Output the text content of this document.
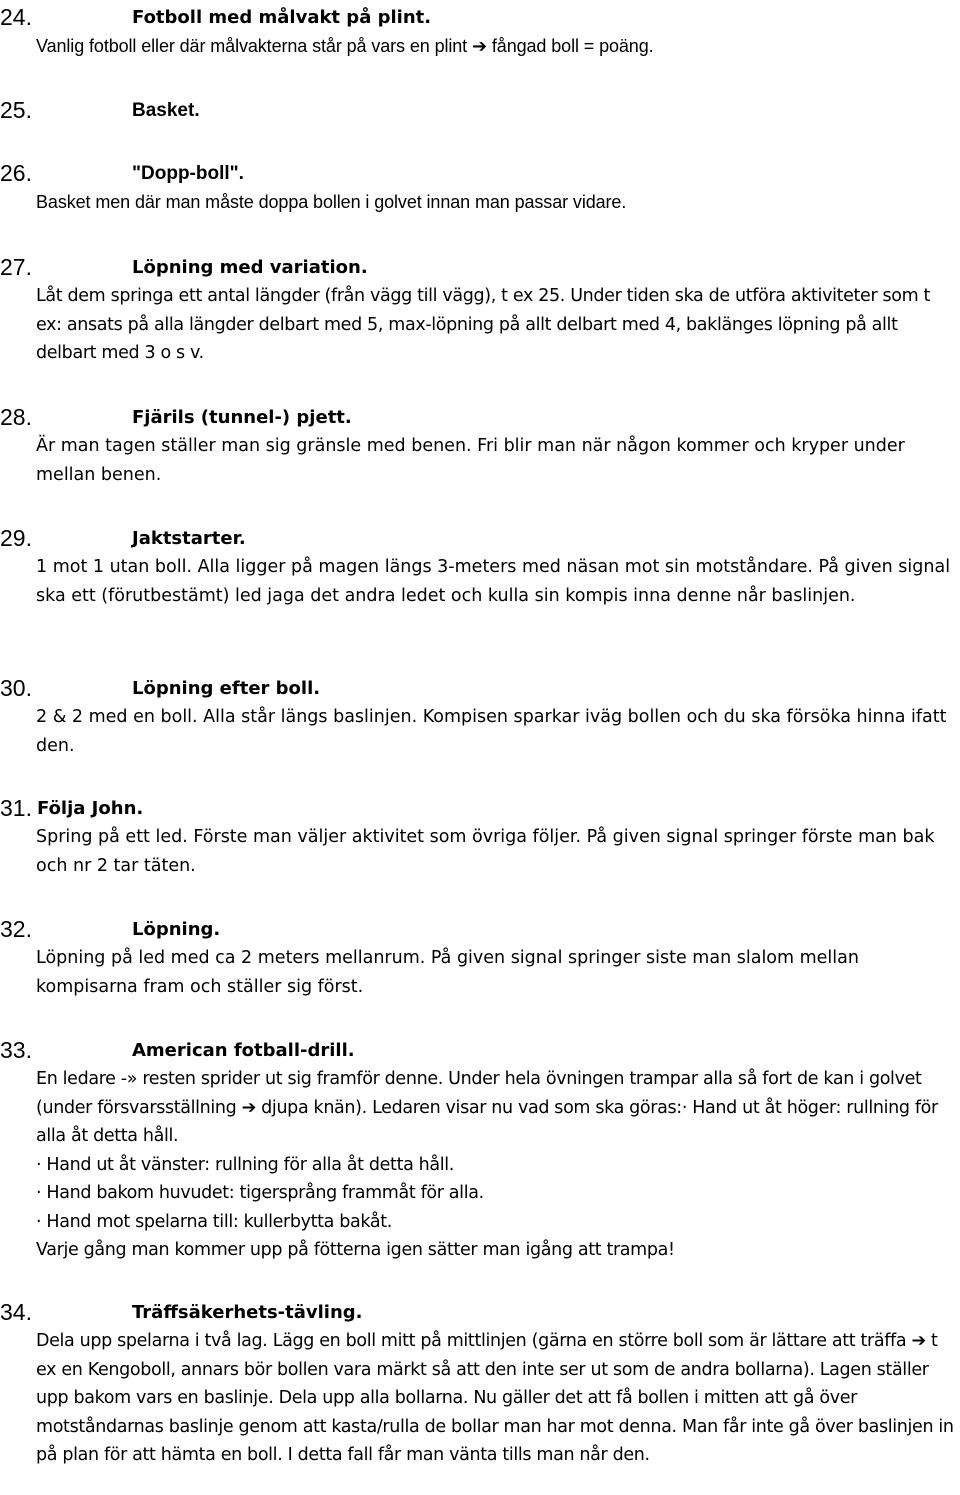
24.	Fotboll med målvakt på plint.

Vanlig fotboll eller där målvakterna står på vars en plint ➔ fångad boll = poäng.

25.	Basket.
26.	"Dopp-boll".

Basket men där man måste doppa bollen i golvet innan man passar vidare.

27.	Löpning med variation.

Låt dem springa ett antal längder (från vägg till vägg), t ex 25. Under tiden ska de utföra aktiviteter som t ex: ansats på alla längder delbart med 5, max-löpning på allt delbart med 4, baklänges löpning på allt delbart med 3 o s v.

28.	Fjärils (tunnel-) pjett.

Är man tagen ställer man sig gränsle med benen. Fri blir man när någon kommer och kryper under mellan benen.

29.	Jaktstarter.

1 mot 1 utan boll. Alla ligger på magen längs 3-meters med näsan mot sin motståndare. På given signal ska ett (förutbestämt) led jaga det andra ledet och kulla sin kompis inna denne når baslinjen.

30.	Löpning efter boll.

2 & 2 med en boll. Alla står längs baslinjen. Kompisen sparkar iväg bollen och du ska försöka hinna ifatt den.

31. Följa John.

Spring på ett led. Förste man väljer aktivitet som övriga följer. På given signal springer förste man bak och nr 2 tar täten.

32.	Löpning.

Löpning på led med ca 2 meters mellanrum. På given signal springer siste man slalom mellan kompisarna fram och ställer sig först.

33.	American fotball-drill.

En ledare -» resten sprider ut sig framför denne. Under hela övningen trampar alla så fort de kan i golvet (under försvarsställning ➔ djupa knän). Ledaren visar nu vad som ska göras:· Hand ut åt höger: rullning för alla åt detta håll.

· Hand ut åt vänster: rullning för alla åt detta håll.

· Hand bakom huvudet: tigersprång frammåt för alla.

· Hand mot spelarna till: kullerbytta bakåt.

Varje gång man kommer upp på fötterna igen sätter man igång att trampa!

34.	Träffsäkerhets-tävling.

Dela upp spelarna i två lag. Lägg en boll mitt på mittlinjen (gärna en större boll som är lättare att träffa ➔ t ex en Kengoboll, annars bör bollen vara märkt så att den inte ser ut som de andra bollarna). Lagen ställer upp bakom vars en baslinje. Dela upp alla bollarna. Nu gäller det att få bollen i mitten att gå över motståndarnas baslinje genom att kasta/rulla de bollar man har mot denna. Man får inte gå över baslinjen in på plan för att hämta en boll. I detta fall får man vänta tills man når den.
